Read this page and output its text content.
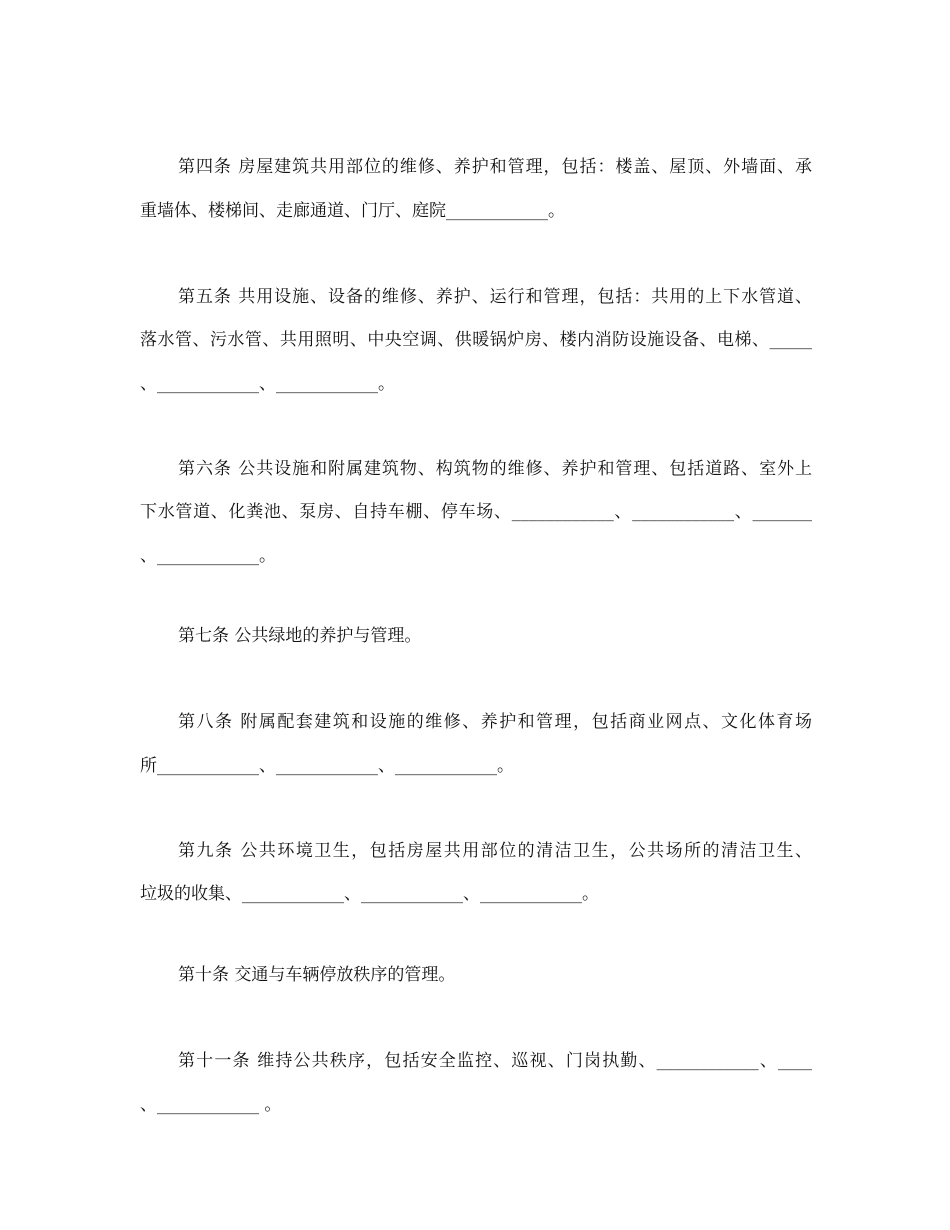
第四条 房屋建筑共用部位的维修、养护和管理，包括：楼盖、屋顶、外墙面、承
重墙体、楼梯间、走廊通道、门厅、庭院____________。
第五条 共用设施、设备的维修、养护、运行和管理，包括：共用的上下水管道、
落水管、污水管、共用照明、中央空调、供暖锅炉房、楼内消防设施设备、电梯、_____
、____________、____________。
第六条 公共设施和附属建筑物、构筑物的维修、养护和管理、包括道路、室外上
下水管道、化粪池、泵房、自持车棚、停车场、____________、____________、_______
、____________。
第七条 公共绿地的养护与管理。
第八条 附属配套建筑和设施的维修、养护和管理，包括商业网点、文化体育场
所____________、____________、____________。
第九条 公共环境卫生，包括房屋共用部位的清洁卫生，公共场所的清洁卫生、
垃圾的收集、____________、____________、____________。
第十条 交通与车辆停放秩序的管理。
第十一条 维持公共秩序，包括安全监控、巡视、门岗执勤、____________、____
、____________ 。
